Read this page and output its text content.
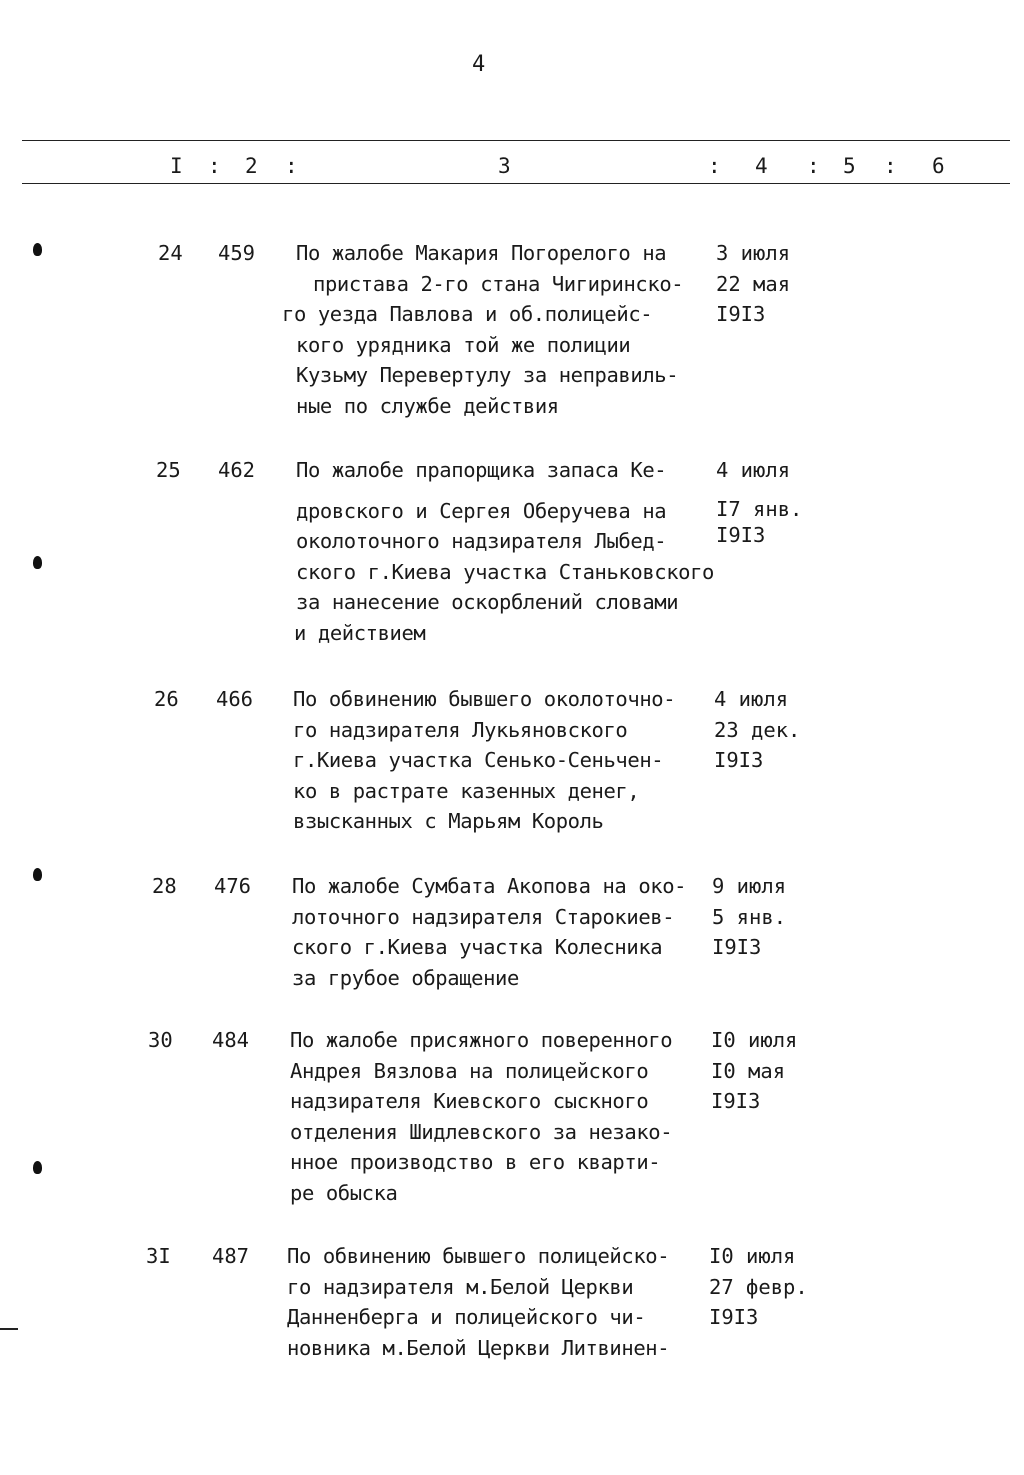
4
I : 2 :	3	: 4 : 5 : 6
24 459 По жалобе Макария Погорелого на
пристава 2-го стана Чигиринско-
го уезда Павлова и об.полицейс-
кого урядника той же полиции
Кузьму Перевертулу за неправиль-
ные по службе действия
3 июля
22 мая
I9I3
25 462 По жалобе прапорщика запаса Ке-
дровского и Сергея Оберучева на
околоточного надзирателя Лыбед-
ского г.Киева участка Станьковского
за нанесение оскорблений словами
и действием
4 июля
I7 янв.
I9I3
26 466 По обвинению бывшего околоточно-
го надзирателя Лукьяновского
г.Киева участка Сенько-Сеньчен-
ко в растрате казенных денег,
взысканных с Марьям Король
4 июля
23 дек.
I9I3
28 476 По жалобе Сумбата Акопова на око-
лоточного надзирателя Старокиев-
ского г.Киева участка Колесника
за грубое обращение
9 июля
5 янв.
I9I3
30 484 По жалобе присяжного поверенного
Андрея Вязлова на полицейского
надзирателя Киевского сыскного
отделения Шидлевского за незако-
нное производство в его кварти-
ре обыска
I0 июля
I0 мая
I9I3
3I 487 По обвинению бывшего полицейско-
го надзирателя м.Белой Церкви
Данненберга и полицейского чи-
новника м.Белой Церкви Литвинен-
I0 июля
27 февр.
I9I3
